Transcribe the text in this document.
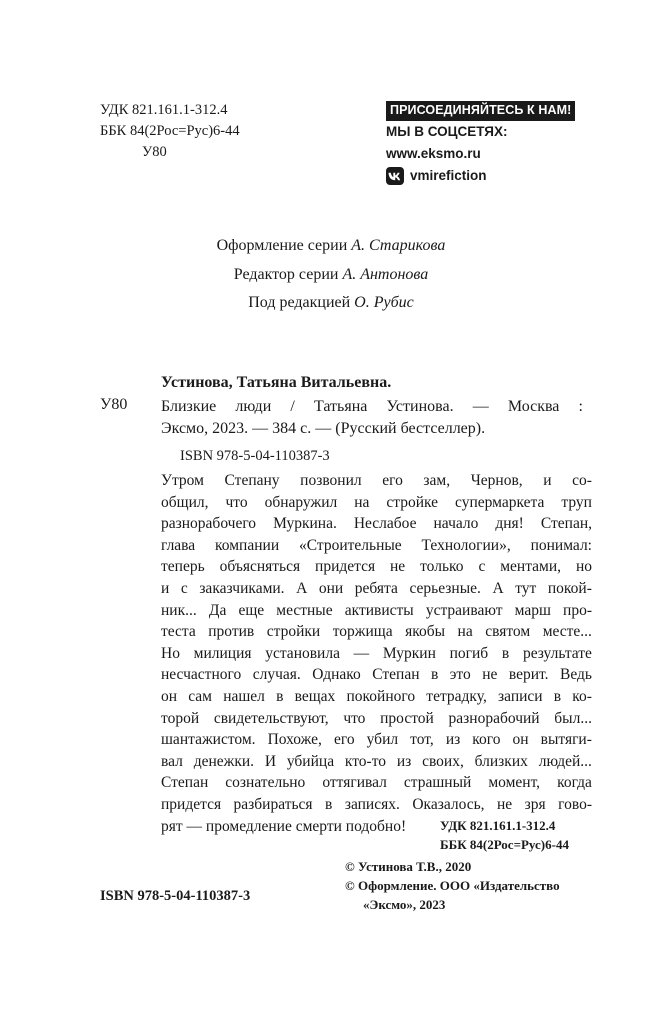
УДК 821.161.1-312.4
ББК 84(2Рос=Рус)6-44
У80
ПРИСОЕДИНЯЙТЕСЬ К НАМ!
МЫ В СОЦСЕТЯХ:
www.eksmo.ru
vmirefiction
Оформление серии А. Старикова
Редактор серии А. Антонова
Под редакцией О. Рубис
Устинова, Татьяна Витальевна.
У80 Близкие люди / Татьяна Устинова. — Москва :
Эксмо, 2023. — 384 с. — (Русский бестселлер).
ISBN 978-5-04-110387-3
Утром Степану позвонил его зам, Чернов, и со-
общил, что обнаружил на стройке супермаркета труп
разнорабочего Муркина. Неслабое начало дня! Степан,
глава компании «Строительные Технологии», понимал:
теперь объясняться придется не только с ментами, но
и с заказчиками. А они ребята серьезные. А тут покой-
ник... Да еще местные активисты устраивают марш про-
теста против стройки торжища якобы на святом месте...
Но милиция установила — Муркин погиб в результате
несчастного случая. Однако Степан в это не верит. Ведь
он сам нашел в вещах покойного тетрадку, записи в ко-
торой свидетельствуют, что простой разнорабочий был...
шантажистом. Похоже, его убил тот, из кого он вытяги-
вал денежки. И убийца кто-то из своих, близких людей...
Степан сознательно оттягивал страшный момент, когда
придется разбираться в записях. Оказалось, не зря гово-
рят — промедление смерти подобно!	УДК 821.161.1-312.4
ББК 84(2Рос=Рус)6-44
© Устинова Т.В., 2020
© Оформление. ООО «Издательство
«Эксмо», 2023
ISBN 978-5-04-110387-3
